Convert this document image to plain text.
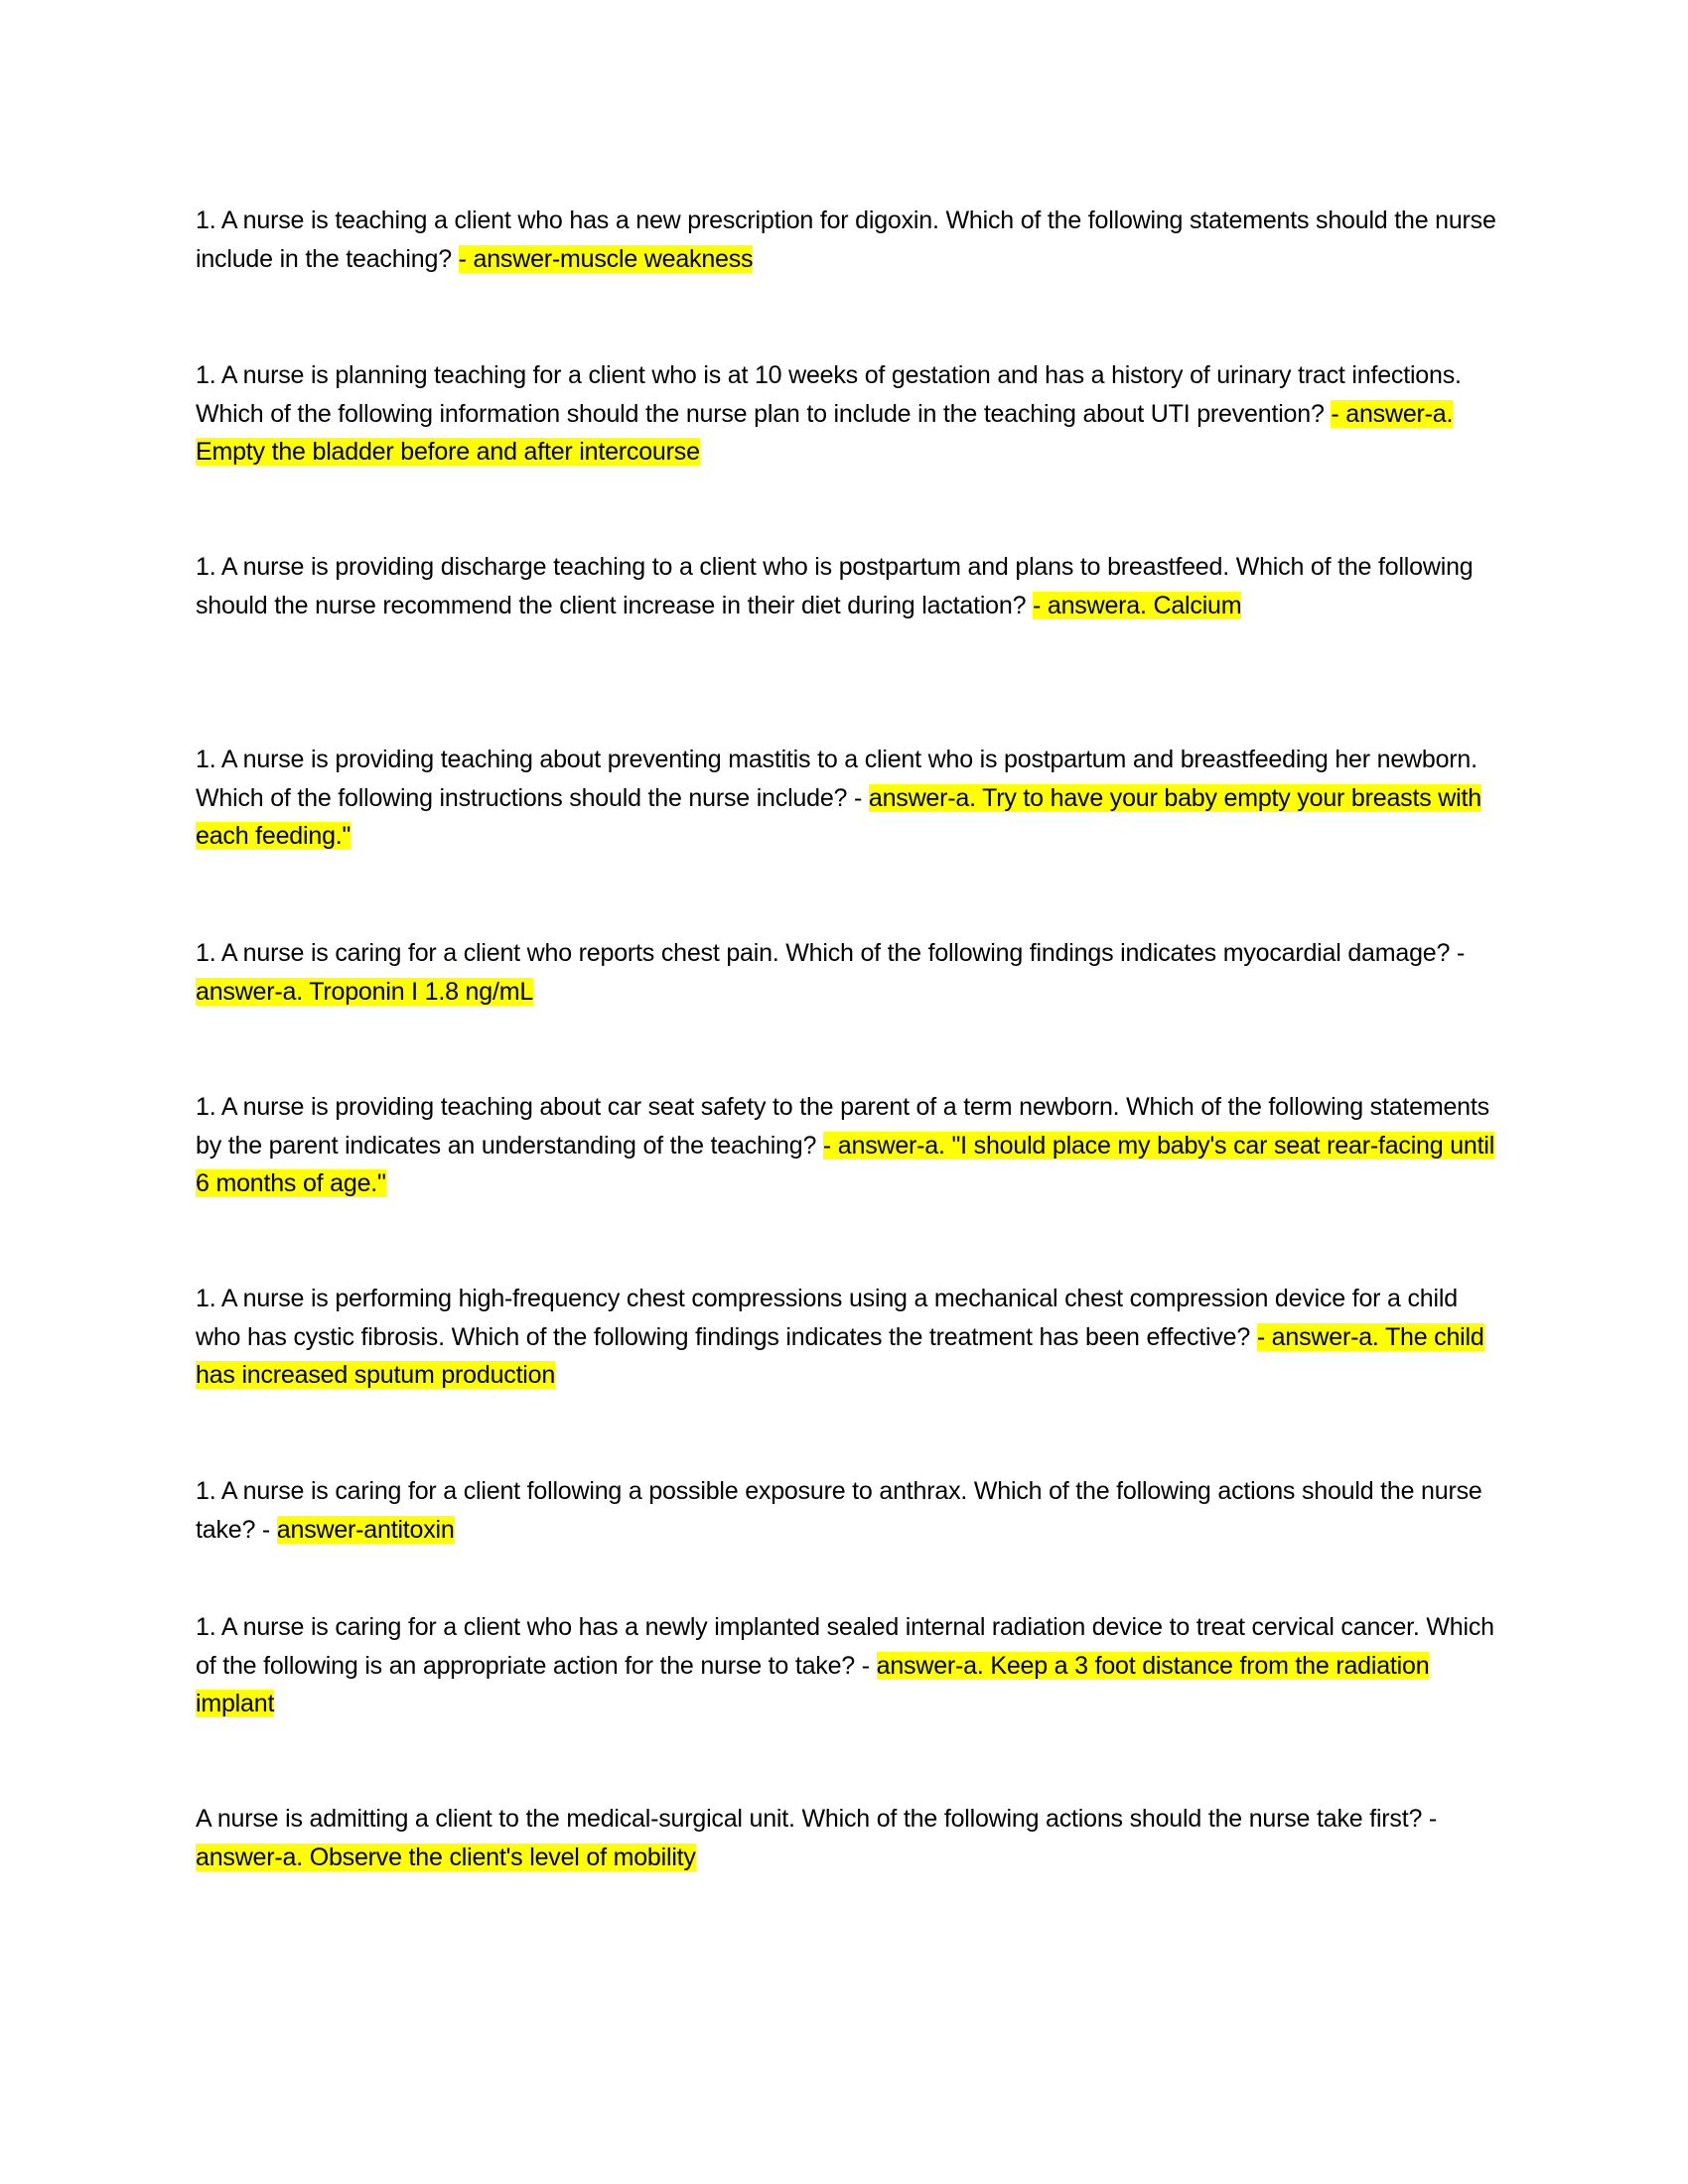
1. A nurse is teaching a client who has a new prescription for digoxin. Which of the following statements should the nurse include in the teaching? - answer-muscle weakness
1. A nurse is planning teaching for a client who is at 10 weeks of gestation and has a history of urinary tract infections. Which of the following information should the nurse plan to include in the teaching about UTI prevention? - answer-a. Empty the bladder before and after intercourse
1. A nurse is providing discharge teaching to a client who is postpartum and plans to breastfeed. Which of the following should the nurse recommend the client increase in their diet during lactation? - answera. Calcium
1. A nurse is providing teaching about preventing mastitis to a client who is postpartum and breastfeeding her newborn. Which of the following instructions should the nurse include? - answer-a. Try to have your baby empty your breasts with each feeding."
1. A nurse is caring for a client who reports chest pain. Which of the following findings indicates myocardial damage? - answer-a. Troponin I 1.8 ng/mL
1. A nurse is providing teaching about car seat safety to the parent of a term newborn. Which of the following statements by the parent indicates an understanding of the teaching? - answer-a. "I should place my baby's car seat rear-facing until 6 months of age."
1. A nurse is performing high-frequency chest compressions using a mechanical chest compression device for a child who has cystic fibrosis. Which of the following findings indicates the treatment has been effective? - answer-a. The child has increased sputum production
1. A nurse is caring for a client following a possible exposure to anthrax. Which of the following actions should the nurse take? - answer-antitoxin
1. A nurse is caring for a client who has a newly implanted sealed internal radiation device to treat cervical cancer. Which of the following is an appropriate action for the nurse to take? - answer-a. Keep a 3 foot distance from the radiation implant
A nurse is admitting a client to the medical-surgical unit. Which of the following actions should the nurse take first? - answer-a. Observe the client's level of mobility
